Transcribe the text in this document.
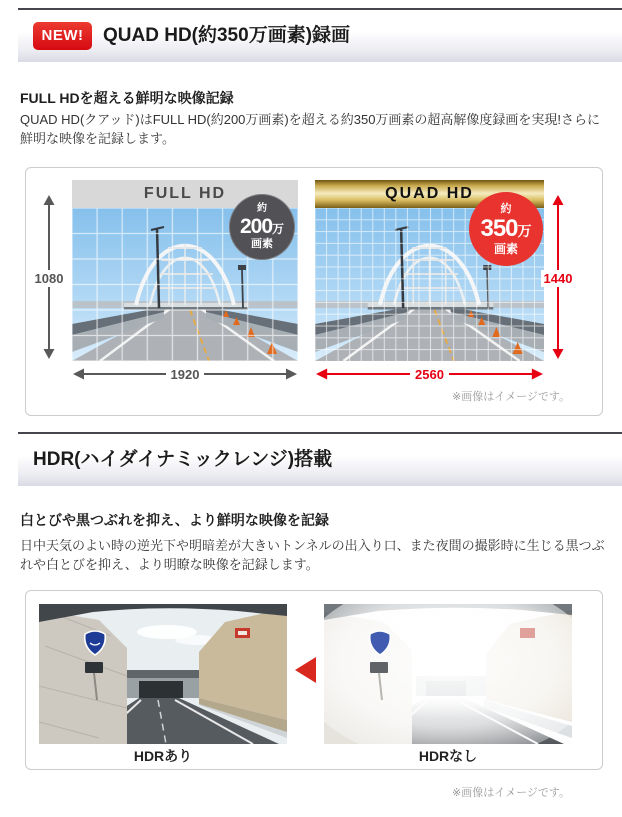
NEW!	QUAD HD(約350万画素)録画
FULL HDを超える鮮明な映像記録

QUAD HD(クアッド)はFULL HD(約200万画素)を超える約350万画素の超高解像度録画を実現!さらに鮮明な映像を記録します。

FULL HD
1080
1920
約
200万
画素
QUAD HD
約
350万
画素
1440
2560
※画像はイメージです。
HDR(ハイダイナミックレンジ)搭載
白とびや黒つぶれを抑え、より鮮明な映像を記録

日中天気のよい時の逆光下や明暗差が大きいトンネルの出入り口、また夜間の撮影時に生じる黒つぶれや白とびを抑え、より明瞭な映像を記録します。

HDRあり	HDRなし
※画像はイメージです。
